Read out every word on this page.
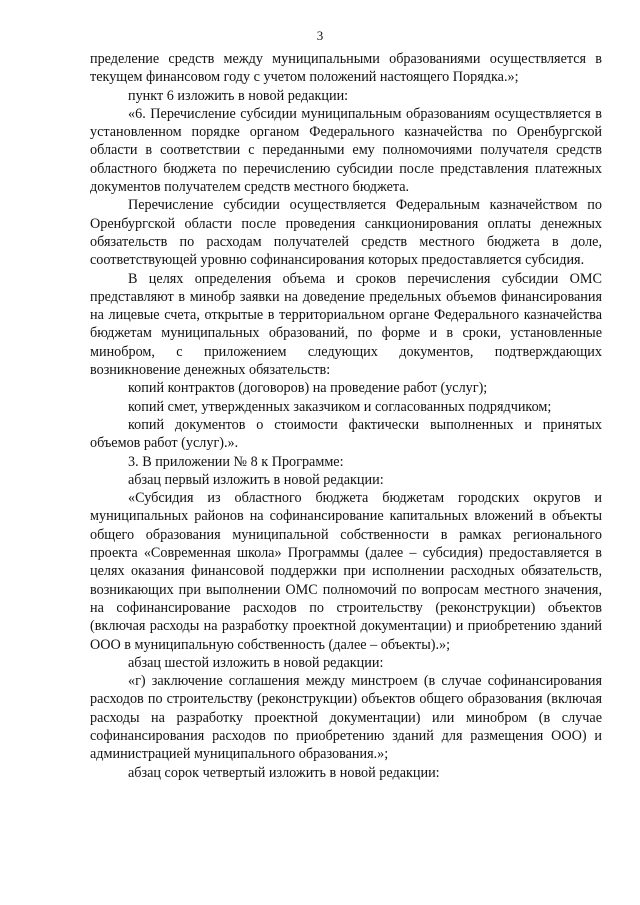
3

пределение средств между муниципальными образованиями осуществляется в текущем финансовом году с учетом положений настоящего Порядка.»;

пункт 6 изложить в новой редакции:

«6. Перечисление субсидии муниципальным образованиям осуществляется в установленном порядке органом Федерального казначейства по Оренбургской области в соответствии с переданными ему полномочиями получателя средств областного бюджета по перечислению субсидии после представления платежных документов получателем средств местного бюджета.

Перечисление субсидии осуществляется Федеральным казначейством по Оренбургской области после проведения санкционирования оплаты денежных обязательств по расходам получателей средств местного бюджета в доле, соответствующей уровню софинансирования которых предоставляется субсидия.

В целях определения объема и сроков перечисления субсидии ОМС представляют в минобр заявки на доведение предельных объемов финансирования на лицевые счета, открытые в территориальном органе Федерального казначейства бюджетам муниципальных образований, по форме и в сроки, установленные минобром, с приложением следующих документов, подтверждающих возникновение денежных обязательств:

копий контрактов (договоров) на проведение работ (услуг);

копий смет, утвержденных заказчиком и согласованных подрядчиком;

копий документов о стоимости фактически выполненных и принятых объемов работ (услуг).».

3. В приложении № 8 к Программе:

абзац первый изложить в новой редакции:

«Субсидия из областного бюджета бюджетам городских округов и муниципальных районов на софинансирование капитальных вложений в объекты общего образования муниципальной собственности в рамках регионального проекта «Современная школа» Программы (далее – субсидия) предоставляется в целях оказания финансовой поддержки при исполнении расходных обязательств, возникающих при выполнении ОМС полномочий по вопросам местного значения, на софинансирование расходов по строительству (реконструкции) объектов (включая расходы на разработку проектной документации) и приобретению зданий ООО в муниципальную собственность (далее – объекты).»;

абзац шестой изложить в новой редакции:

«г) заключение соглашения между минстроем (в случае софинансирования расходов по строительству (реконструкции) объектов общего образования (включая расходы на разработку проектной документации) или минобром (в случае софинансирования расходов по приобретению зданий для размещения ООО) и администрацией муниципального образования.»;

абзац сорок четвертый изложить в новой редакции:
